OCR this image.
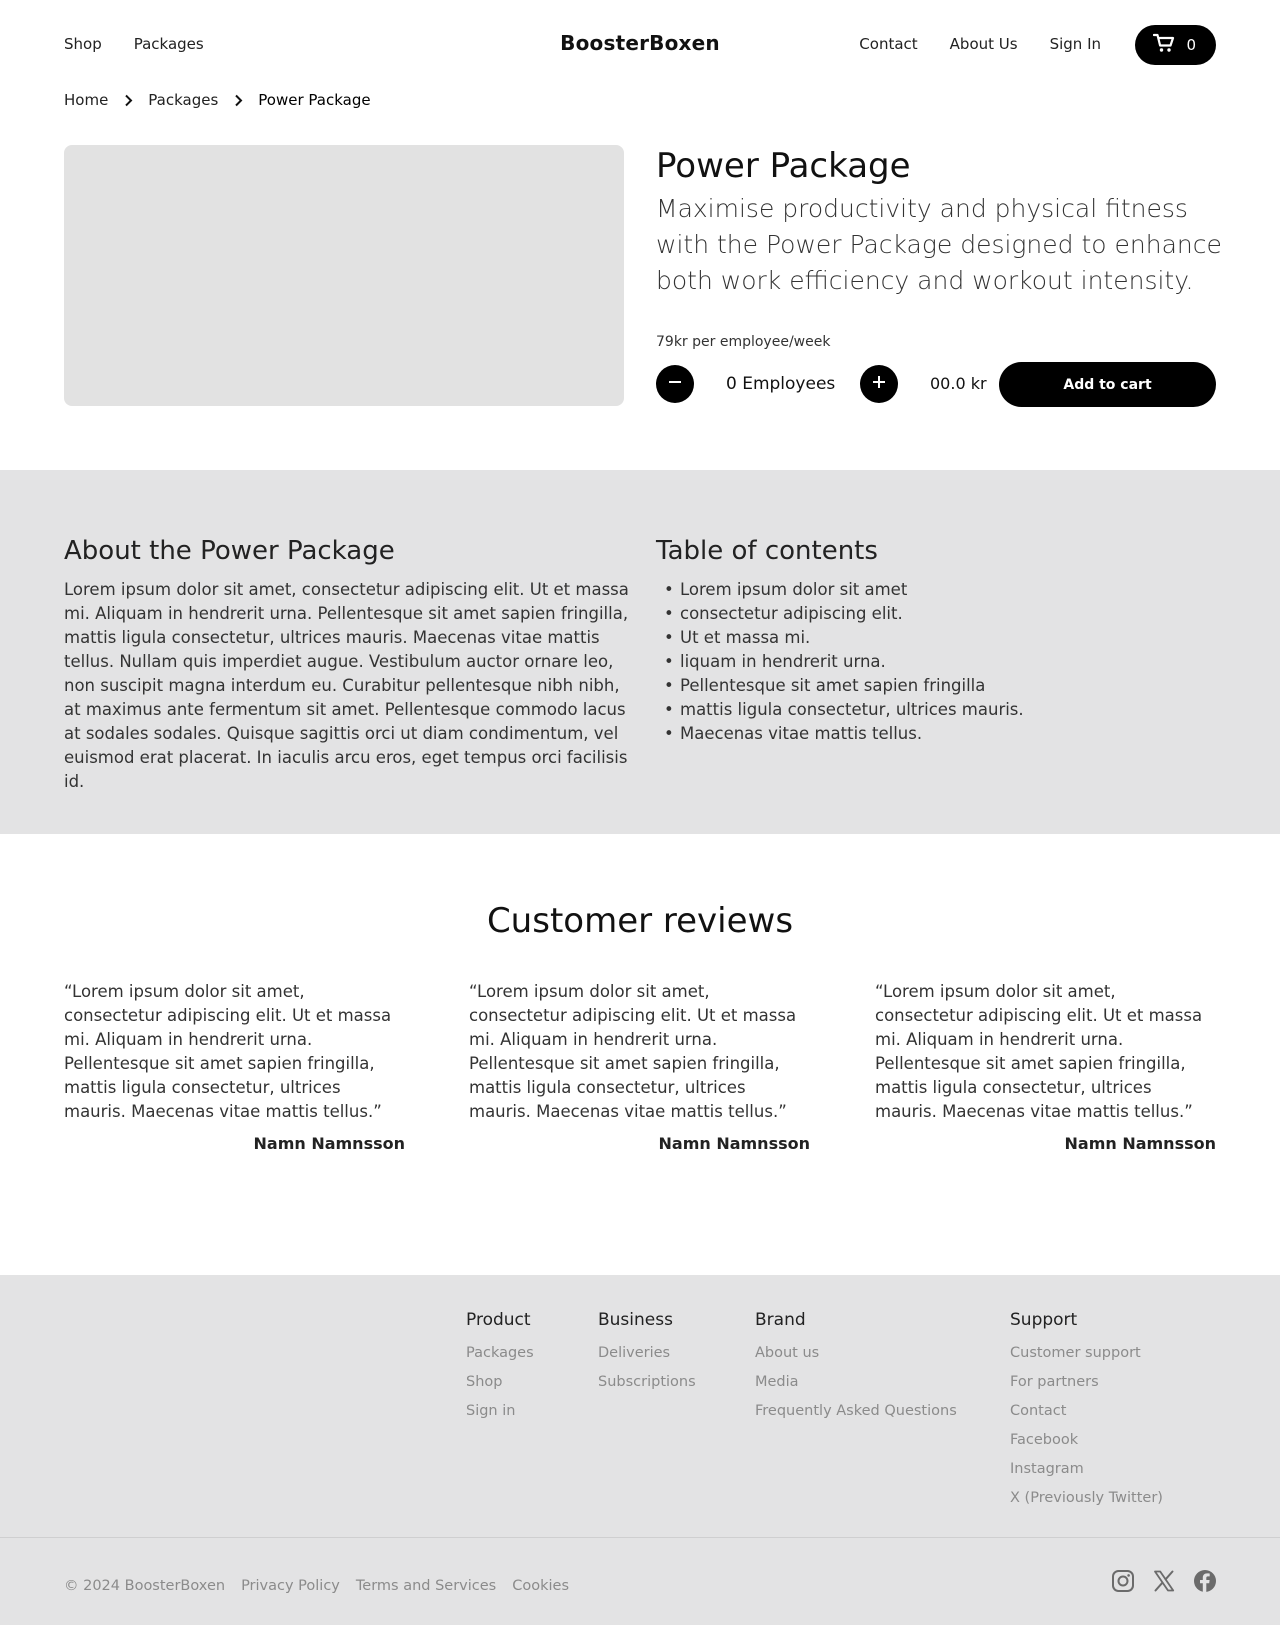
Shop Packages	BoosterBoxen	Contact About Us Sign In	0
Home	Packages	Power Package
Power Package

Maximise productivity and physical fitness with the Power Package designed to enhance both work efficiency and workout intensity.

79kr per employee/week
0 Employees	00.0 kr	Add to cart
About the Power Package

Lorem ipsum dolor sit amet, consectetur adipiscing elit. Ut et massa mi. Aliquam in hendrerit urna. Pellentesque sit amet sapien fringilla, mattis ligula consectetur, ultrices mauris. Maecenas vitae mattis tellus. Nullam quis imperdiet augue. Vestibulum auctor ornare leo, non suscipit magna interdum eu. Curabitur pellentesque nibh nibh, at maximus ante fermentum sit amet. Pellentesque commodo lacus at sodales sodales. Quisque sagittis orci ut diam condimentum, vel euismod erat placerat. In iaculis arcu eros, eget tempus orci facilisis id.

Table of contents
• Lorem ipsum dolor sit amet
• consectetur adipiscing elit.
• Ut et massa mi.
• liquam in hendrerit urna.
• Pellentesque sit amet sapien fringilla
• mattis ligula consectetur, ultrices mauris.
• Maecenas vitae mattis tellus.
Customer reviews

“Lorem ipsum dolor sit amet, consectetur adipiscing elit. Ut et massa mi. Aliquam in hendrerit urna. Pellentesque sit amet sapien fringilla, mattis ligula consectetur, ultrices mauris. Maecenas vitae mattis tellus.”

Namn Namnsson

“Lorem ipsum dolor sit amet, consectetur adipiscing elit. Ut et massa mi. Aliquam in hendrerit urna. Pellentesque sit amet sapien fringilla, mattis ligula consectetur, ultrices mauris. Maecenas vitae mattis tellus.”

Namn Namnsson

“Lorem ipsum dolor sit amet, consectetur adipiscing elit. Ut et massa mi. Aliquam in hendrerit urna. Pellentesque sit amet sapien fringilla, mattis ligula consectetur, ultrices mauris. Maecenas vitae mattis tellus.”

Namn Namnsson
Product
Packages
Shop
Sign in
Business
Deliveries
Subscriptions
Brand
About us
Media
Frequently Asked Questions
Support
Customer support
For partners
Contact
Facebook
Instagram
X (Previously Twitter)
© 2024 BoosterBoxen Privacy Policy Terms and Services Cookies
